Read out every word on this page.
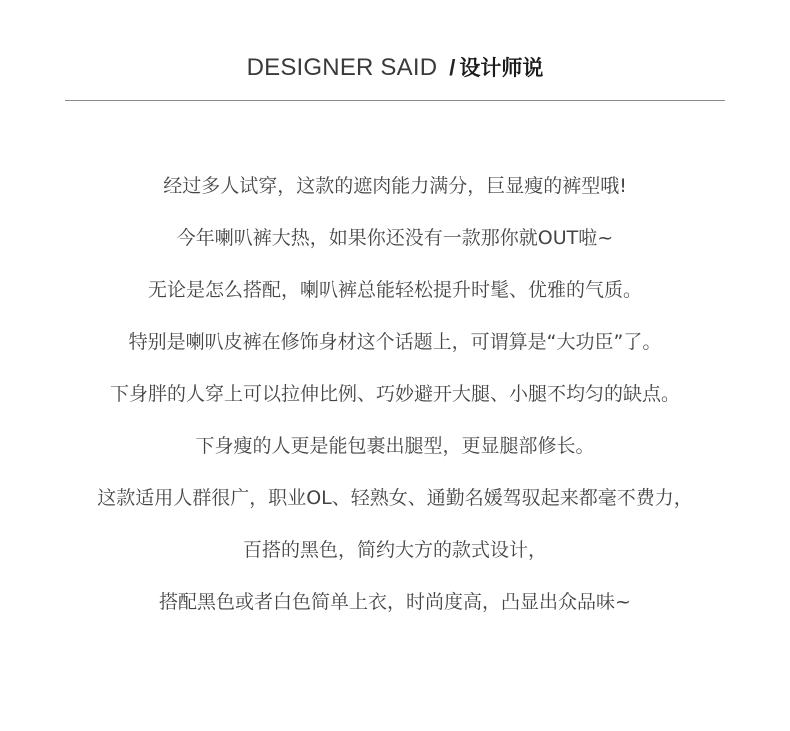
DESIGNER SAID / 设计师说
经过多人试穿，这款的遮肉能力满分，巨显瘦的裤型哦!
今年喇叭裤大热，如果你还没有一款那你就OUT啦~
无论是怎么搭配，喇叭裤总能轻松提升时髦、优雅的气质。
特别是喇叭皮裤在修饰身材这个话题上，可谓算是“大功臣”了。
下身胖的人穿上可以拉伸比例、巧妙避开大腿、小腿不均匀的缺点。
下身瘦的人更是能包裹出腿型，更显腿部修长。
这款适用人群很广，职业OL、轻熟女、通勤名媛驾驭起来都毫不费力，
百搭的黑色，简约大方的款式设计，
搭配黑色或者白色简单上衣，时尚度高，凸显出众品味~
